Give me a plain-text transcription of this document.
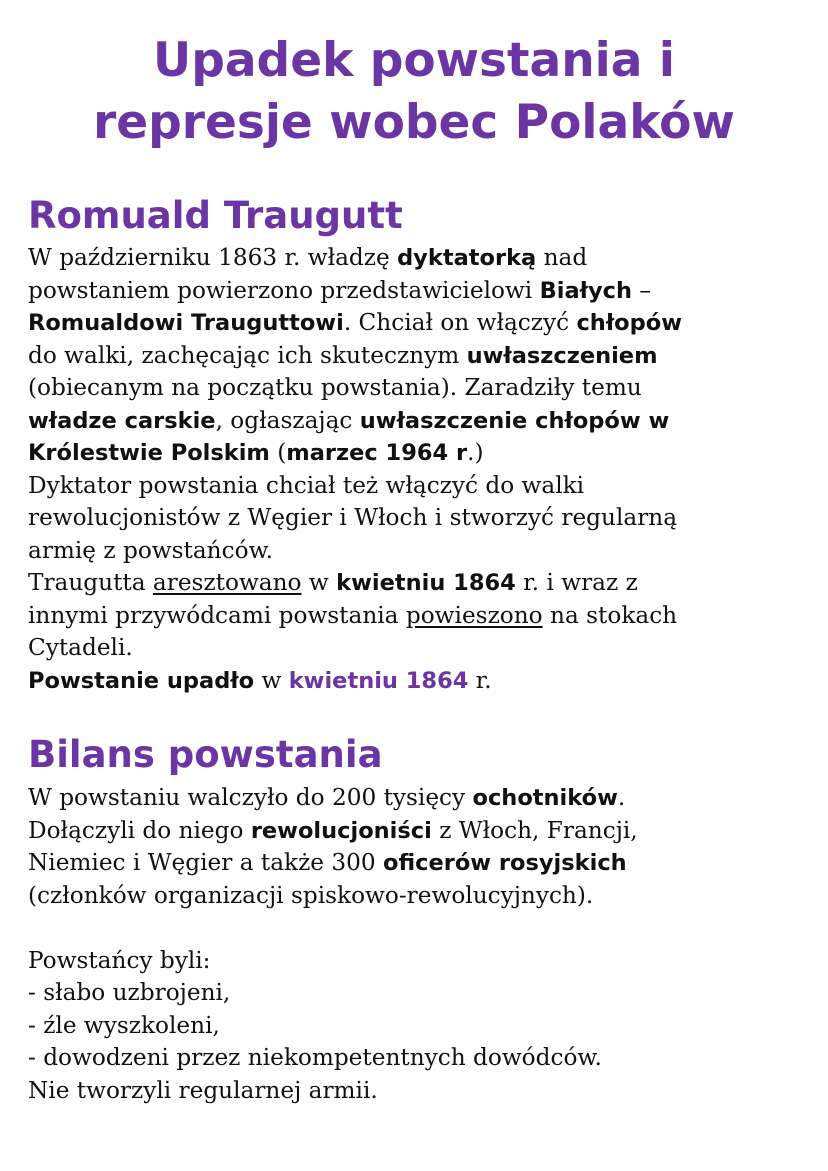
Upadek powstania i
represje wobec Polaków
Romuald Traugutt
W październiku 1863 r. władzę dyktatorką nad
powstaniem powierzono przedstawicielowi Białych –
Romualdowi Trauguttowi. Chciał on włączyć chłopów
do walki, zachęcając ich skutecznym uwłaszczeniem
(obiecanym na początku powstania). Zaradziły temu
władze carskie, ogłaszając uwłaszczenie chłopów w
Królestwie Polskim (marzec 1964 r.)
Dyktator powstania chciał też włączyć do walki
rewolucjonistów z Węgier i Włoch i stworzyć regularną
armię z powstańców.
Traugutta aresztowano w kwietniu 1864 r. i wraz z
innymi przywódcami powstania powieszono na stokach
Cytadeli.
Powstanie upadło w kwietniu 1864 r.
Bilans powstania
W powstaniu walczyło do 200 tysięcy ochotników.
Dołączyli do niego rewolucjoniści z Włoch, Francji,
Niemiec i Węgier a także 300 oficerów rosyjskich
(członków organizacji spiskowo-rewolucyjnych).

Powstańcy byli:
- słabo uzbrojeni,
- źle wyszkoleni,
- dowodzeni przez niekompetentnych dowódców.
Nie tworzyli regularnej armii.
